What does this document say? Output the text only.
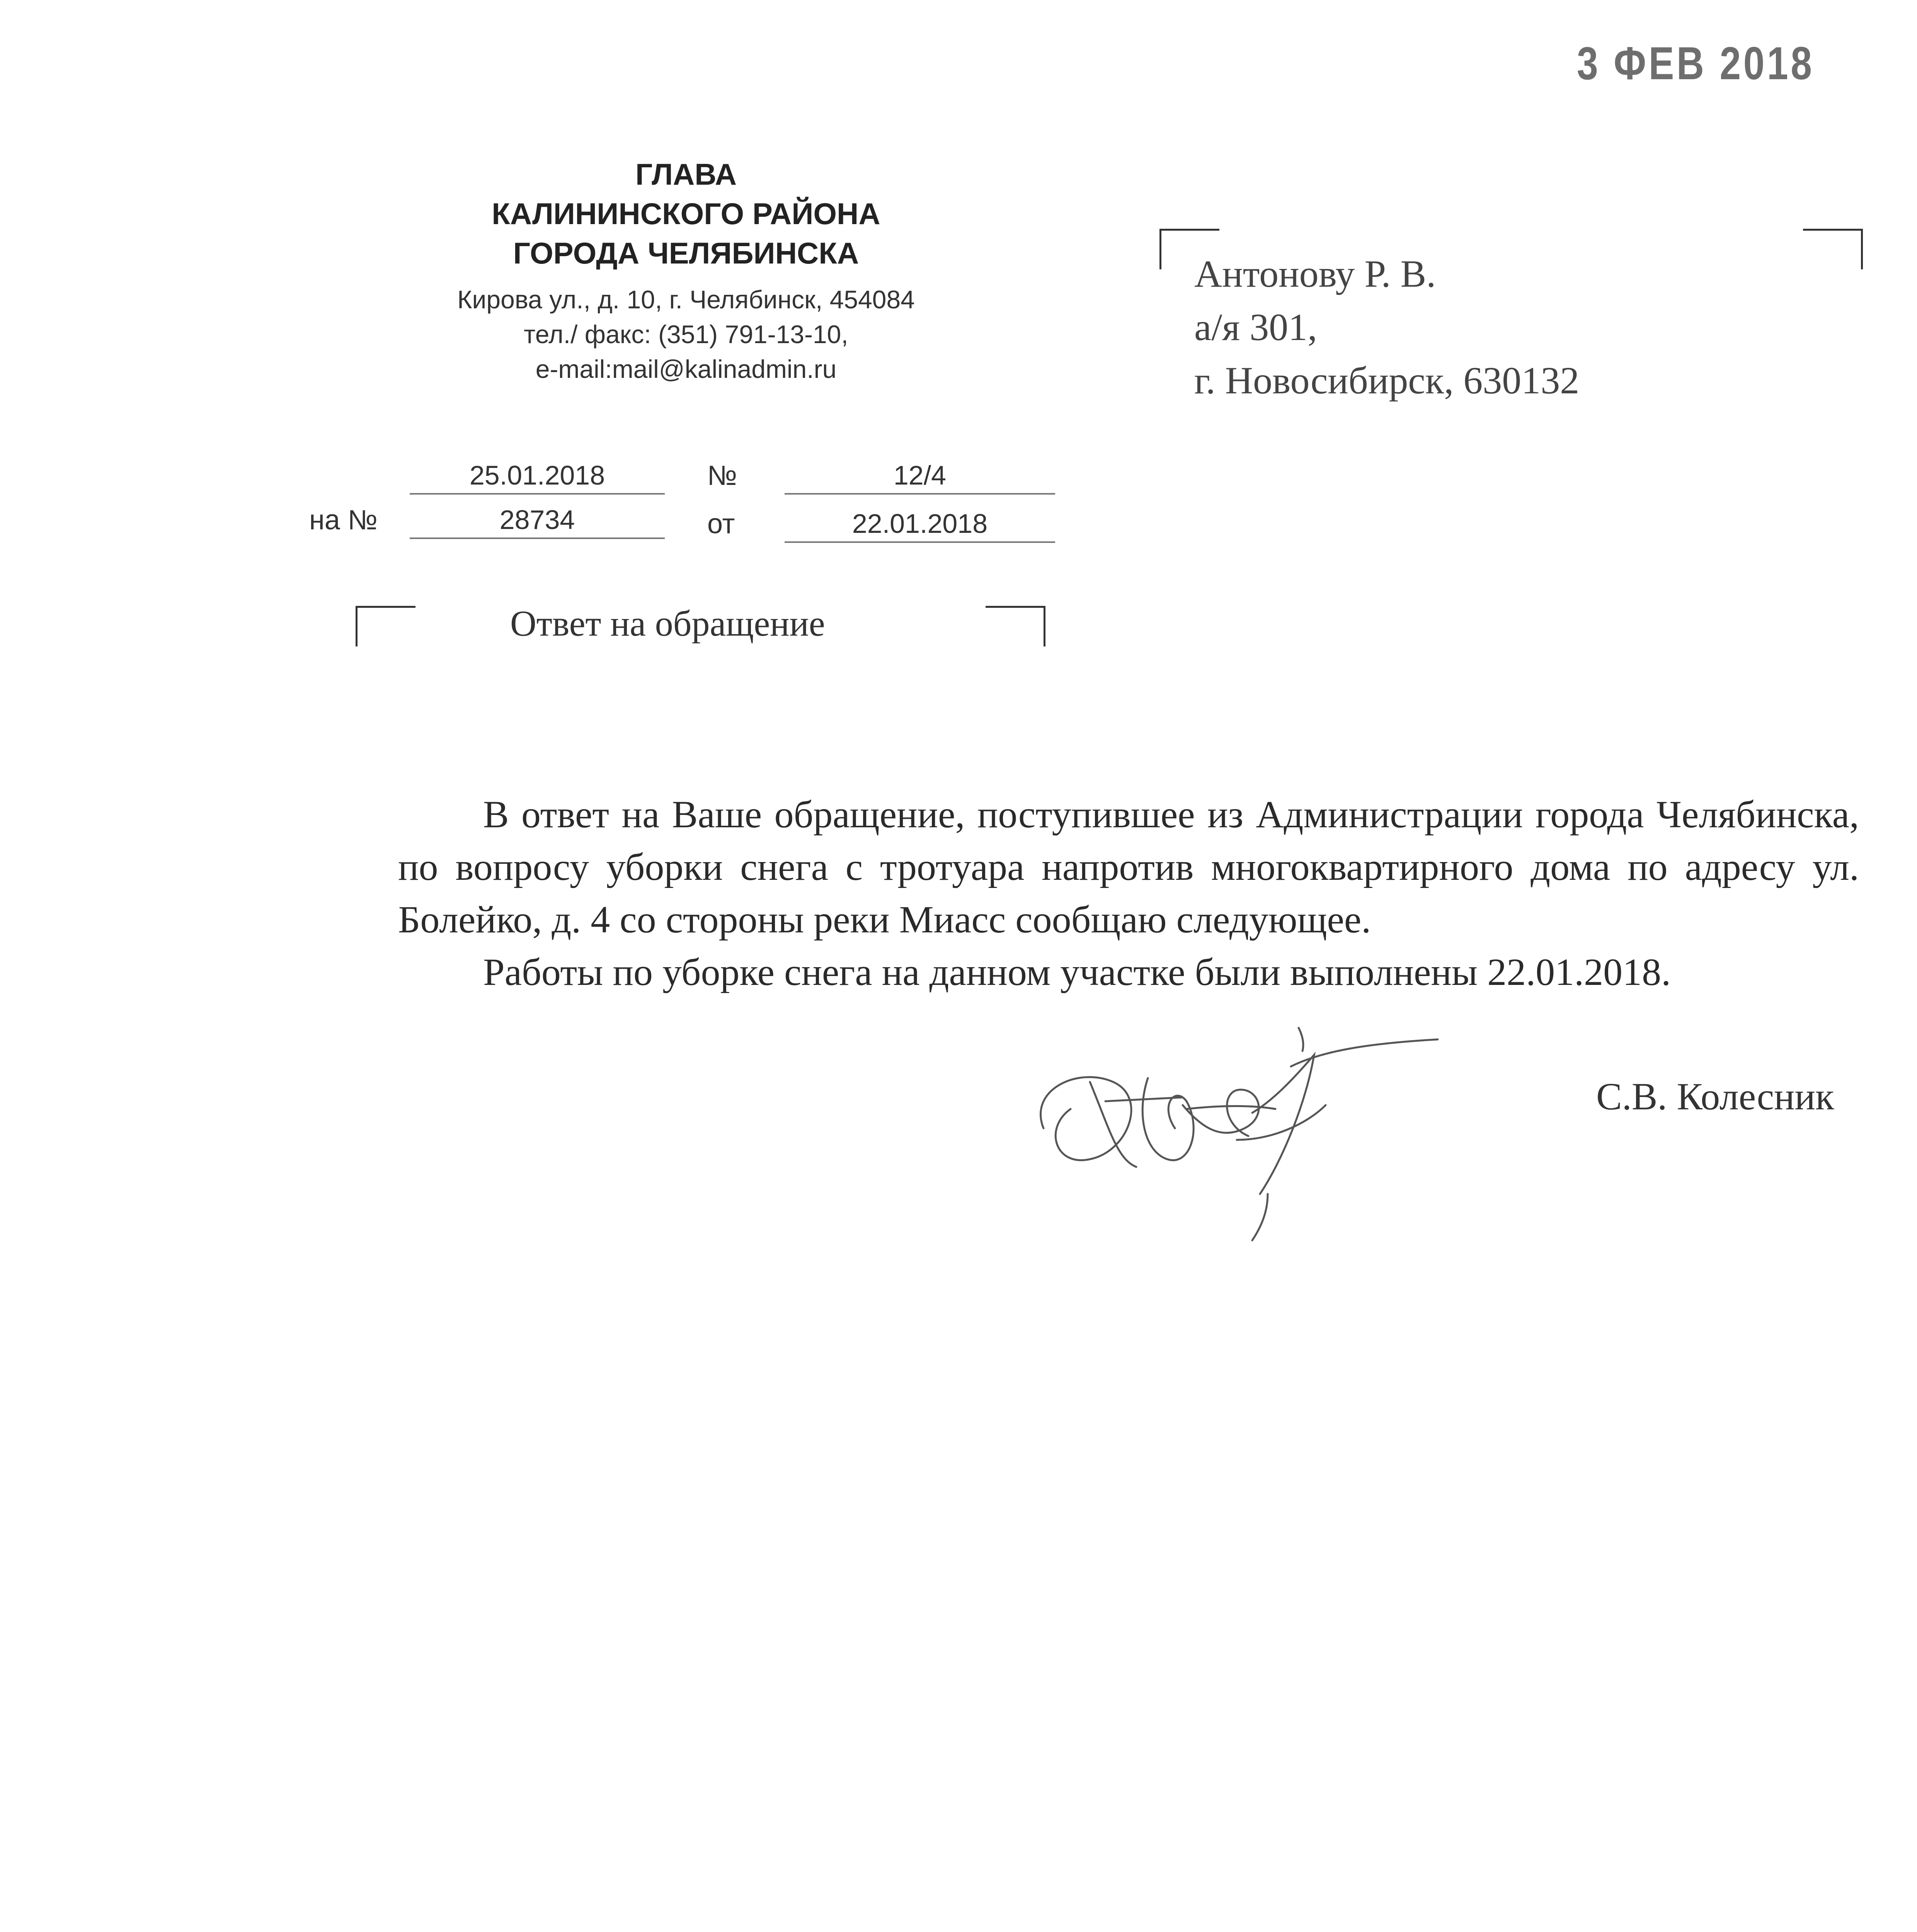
3 ФЕВ 2018
ГЛАВА
КАЛИНИНСКОГО РАЙОНА
ГОРОДА ЧЕЛЯБИНСКА
Кирова ул., д. 10, г. Челябинск, 454084
тел./ факс: (351) 791-13-10,
e-mail:mail@kalinadmin.ru
Антонову Р. В.
а/я 301,
г. Новосибирск, 630132
25.01.2018	№	12/4
на №	28734	от	22.01.2018
Ответ на обращение

В ответ на Ваше обращение, поступившее из Администрации города Челябинска, по вопросу уборки снега с тротуара напротив многоквартирного дома по адресу ул. Болейко, д. 4 со стороны реки Миасс сообщаю следующее.

Работы по уборке снега на данном участке были выполнены 22.01.2018.

С.В. Колесник
